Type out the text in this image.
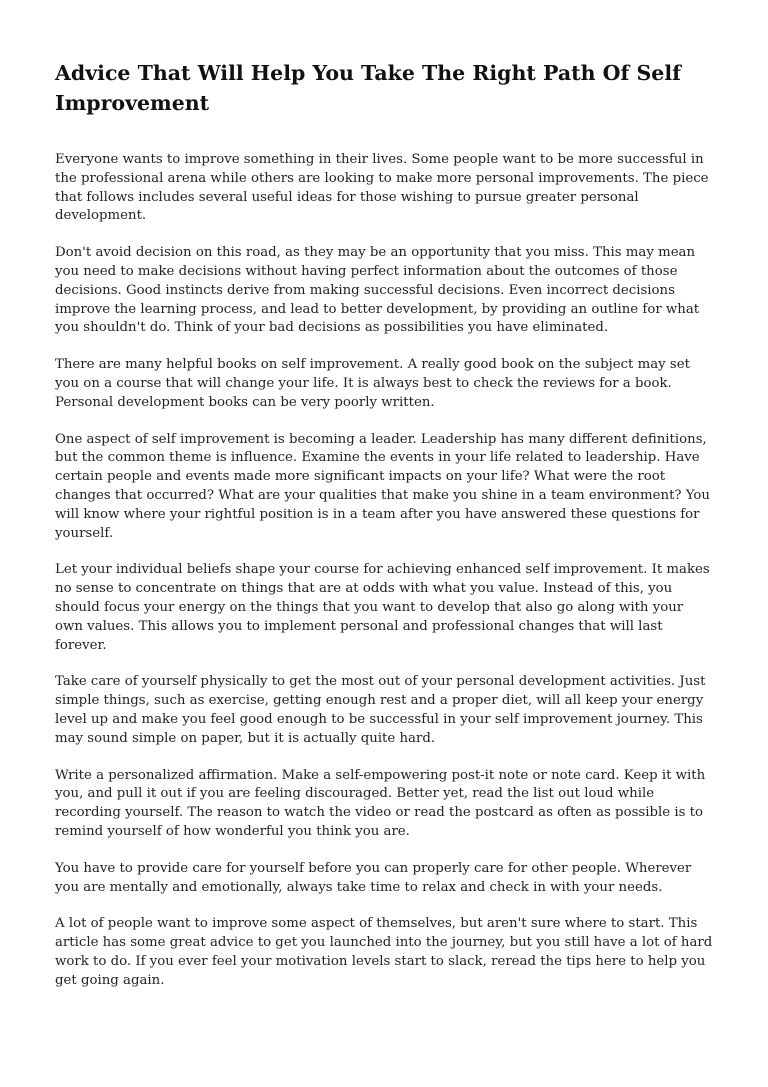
Advice That Will Help You Take The Right Path Of Self Improvement

Everyone wants to improve something in their lives. Some people want to be more successful in the professional arena while others are looking to make more personal improvements. The piece that follows includes several useful ideas for those wishing to pursue greater personal development.

Don't avoid decision on this road, as they may be an opportunity that you miss. This may mean you need to make decisions without having perfect information about the outcomes of those decisions. Good instincts derive from making successful decisions. Even incorrect decisions improve the learning process, and lead to better development, by providing an outline for what you shouldn't do. Think of your bad decisions as possibilities you have eliminated.

There are many helpful books on self improvement. A really good book on the subject may set you on a course that will change your life. It is always best to check the reviews for a book. Personal development books can be very poorly written.

One aspect of self improvement is becoming a leader. Leadership has many different definitions, but the common theme is influence. Examine the events in your life related to leadership. Have certain people and events made more significant impacts on your life? What were the root changes that occurred? What are your qualities that make you shine in a team environment? You will know where your rightful position is in a team after you have answered these questions for yourself.

Let your individual beliefs shape your course for achieving enhanced self improvement. It makes no sense to concentrate on things that are at odds with what you value. Instead of this, you should focus your energy on the things that you want to develop that also go along with your own values. This allows you to implement personal and professional changes that will last forever.

Take care of yourself physically to get the most out of your personal development activities. Just simple things, such as exercise, getting enough rest and a proper diet, will all keep your energy level up and make you feel good enough to be successful in your self improvement journey. This may sound simple on paper, but it is actually quite hard.

Write a personalized affirmation. Make a self-empowering post-it note or note card. Keep it with you, and pull it out if you are feeling discouraged. Better yet, read the list out loud while recording yourself. The reason to watch the video or read the postcard as often as possible is to remind yourself of how wonderful you think you are.

You have to provide care for yourself before you can properly care for other people. Wherever you are mentally and emotionally, always take time to relax and check in with your needs.

A lot of people want to improve some aspect of themselves, but aren't sure where to start. This article has some great advice to get you launched into the journey, but you still have a lot of hard work to do. If you ever feel your motivation levels start to slack, reread the tips here to help you get going again.
